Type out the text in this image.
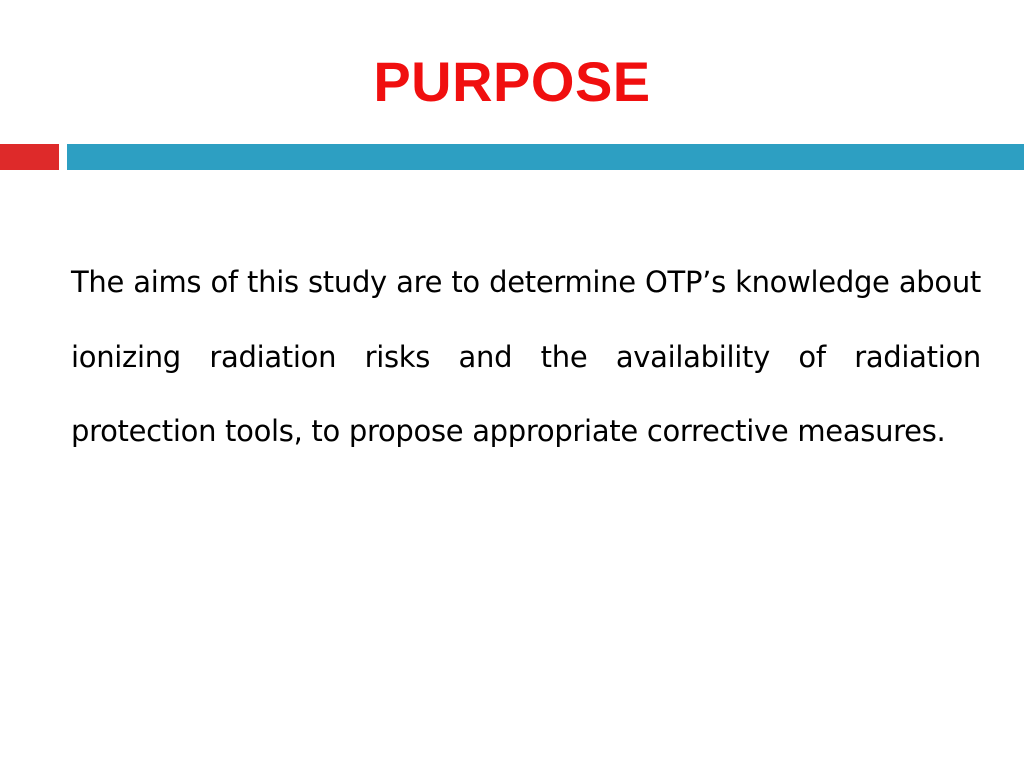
PURPOSE
The aims of this study are to determine OTP’s knowledge about ionizing radiation risks and the availability of radiation protection tools, to propose appropriate corrective measures.
